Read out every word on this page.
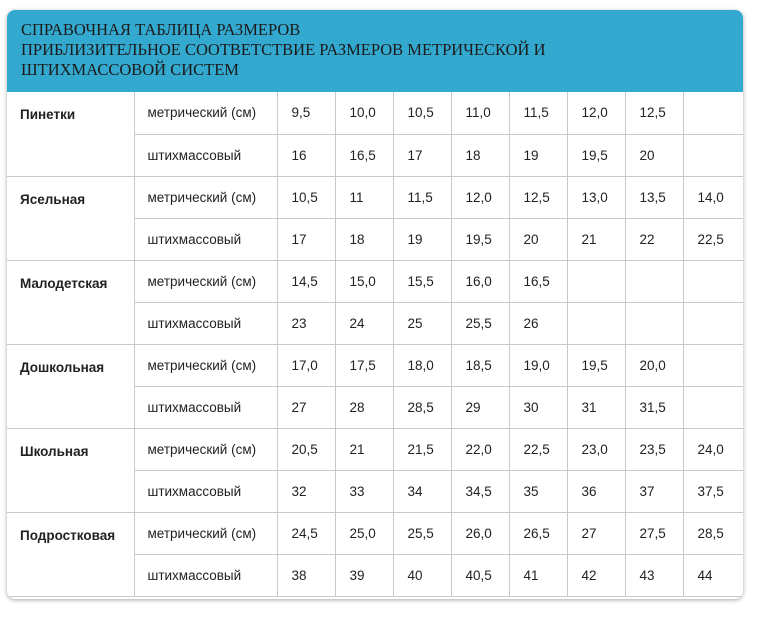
СПРАВОЧНАЯ ТАБЛИЦА РАЗМЕРОВ
ПРИБЛИЗИТЕЛЬНОЕ СООТВЕТСТВИЕ РАЗМЕРОВ МЕТРИЧЕСКОЙ И
ШТИХМАССОВОЙ СИСТЕМ
Пинетки	метрический (см)	9,5	10,0	10,5	11,0	11,5	12,0	12,5	
	штихмассовый	16	16,5	17	18	19	19,5	20	
Ясельная	метрический (см)	10,5	11	11,5	12,0	12,5	13,0	13,5	14,0
	штихмассовый	17	18	19	19,5	20	21	22	22,5
Малодетская	метрический (см)	14,5	15,0	15,5	16,0	16,5			
	штихмассовый	23	24	25	25,5	26			
Дошкольная	метрический (см)	17,0	17,5	18,0	18,5	19,0	19,5	20,0	
	штихмассовый	27	28	28,5	29	30	31	31,5	
Школьная	метрический (см)	20,5	21	21,5	22,0	22,5	23,0	23,5	24,0
	штихмассовый	32	33	34	34,5	35	36	37	37,5
Подростковая	метрический (см)	24,5	25,0	25,5	26,0	26,5	27	27,5	28,5
	штихмассовый	38	39	40	40,5	41	42	43	44
